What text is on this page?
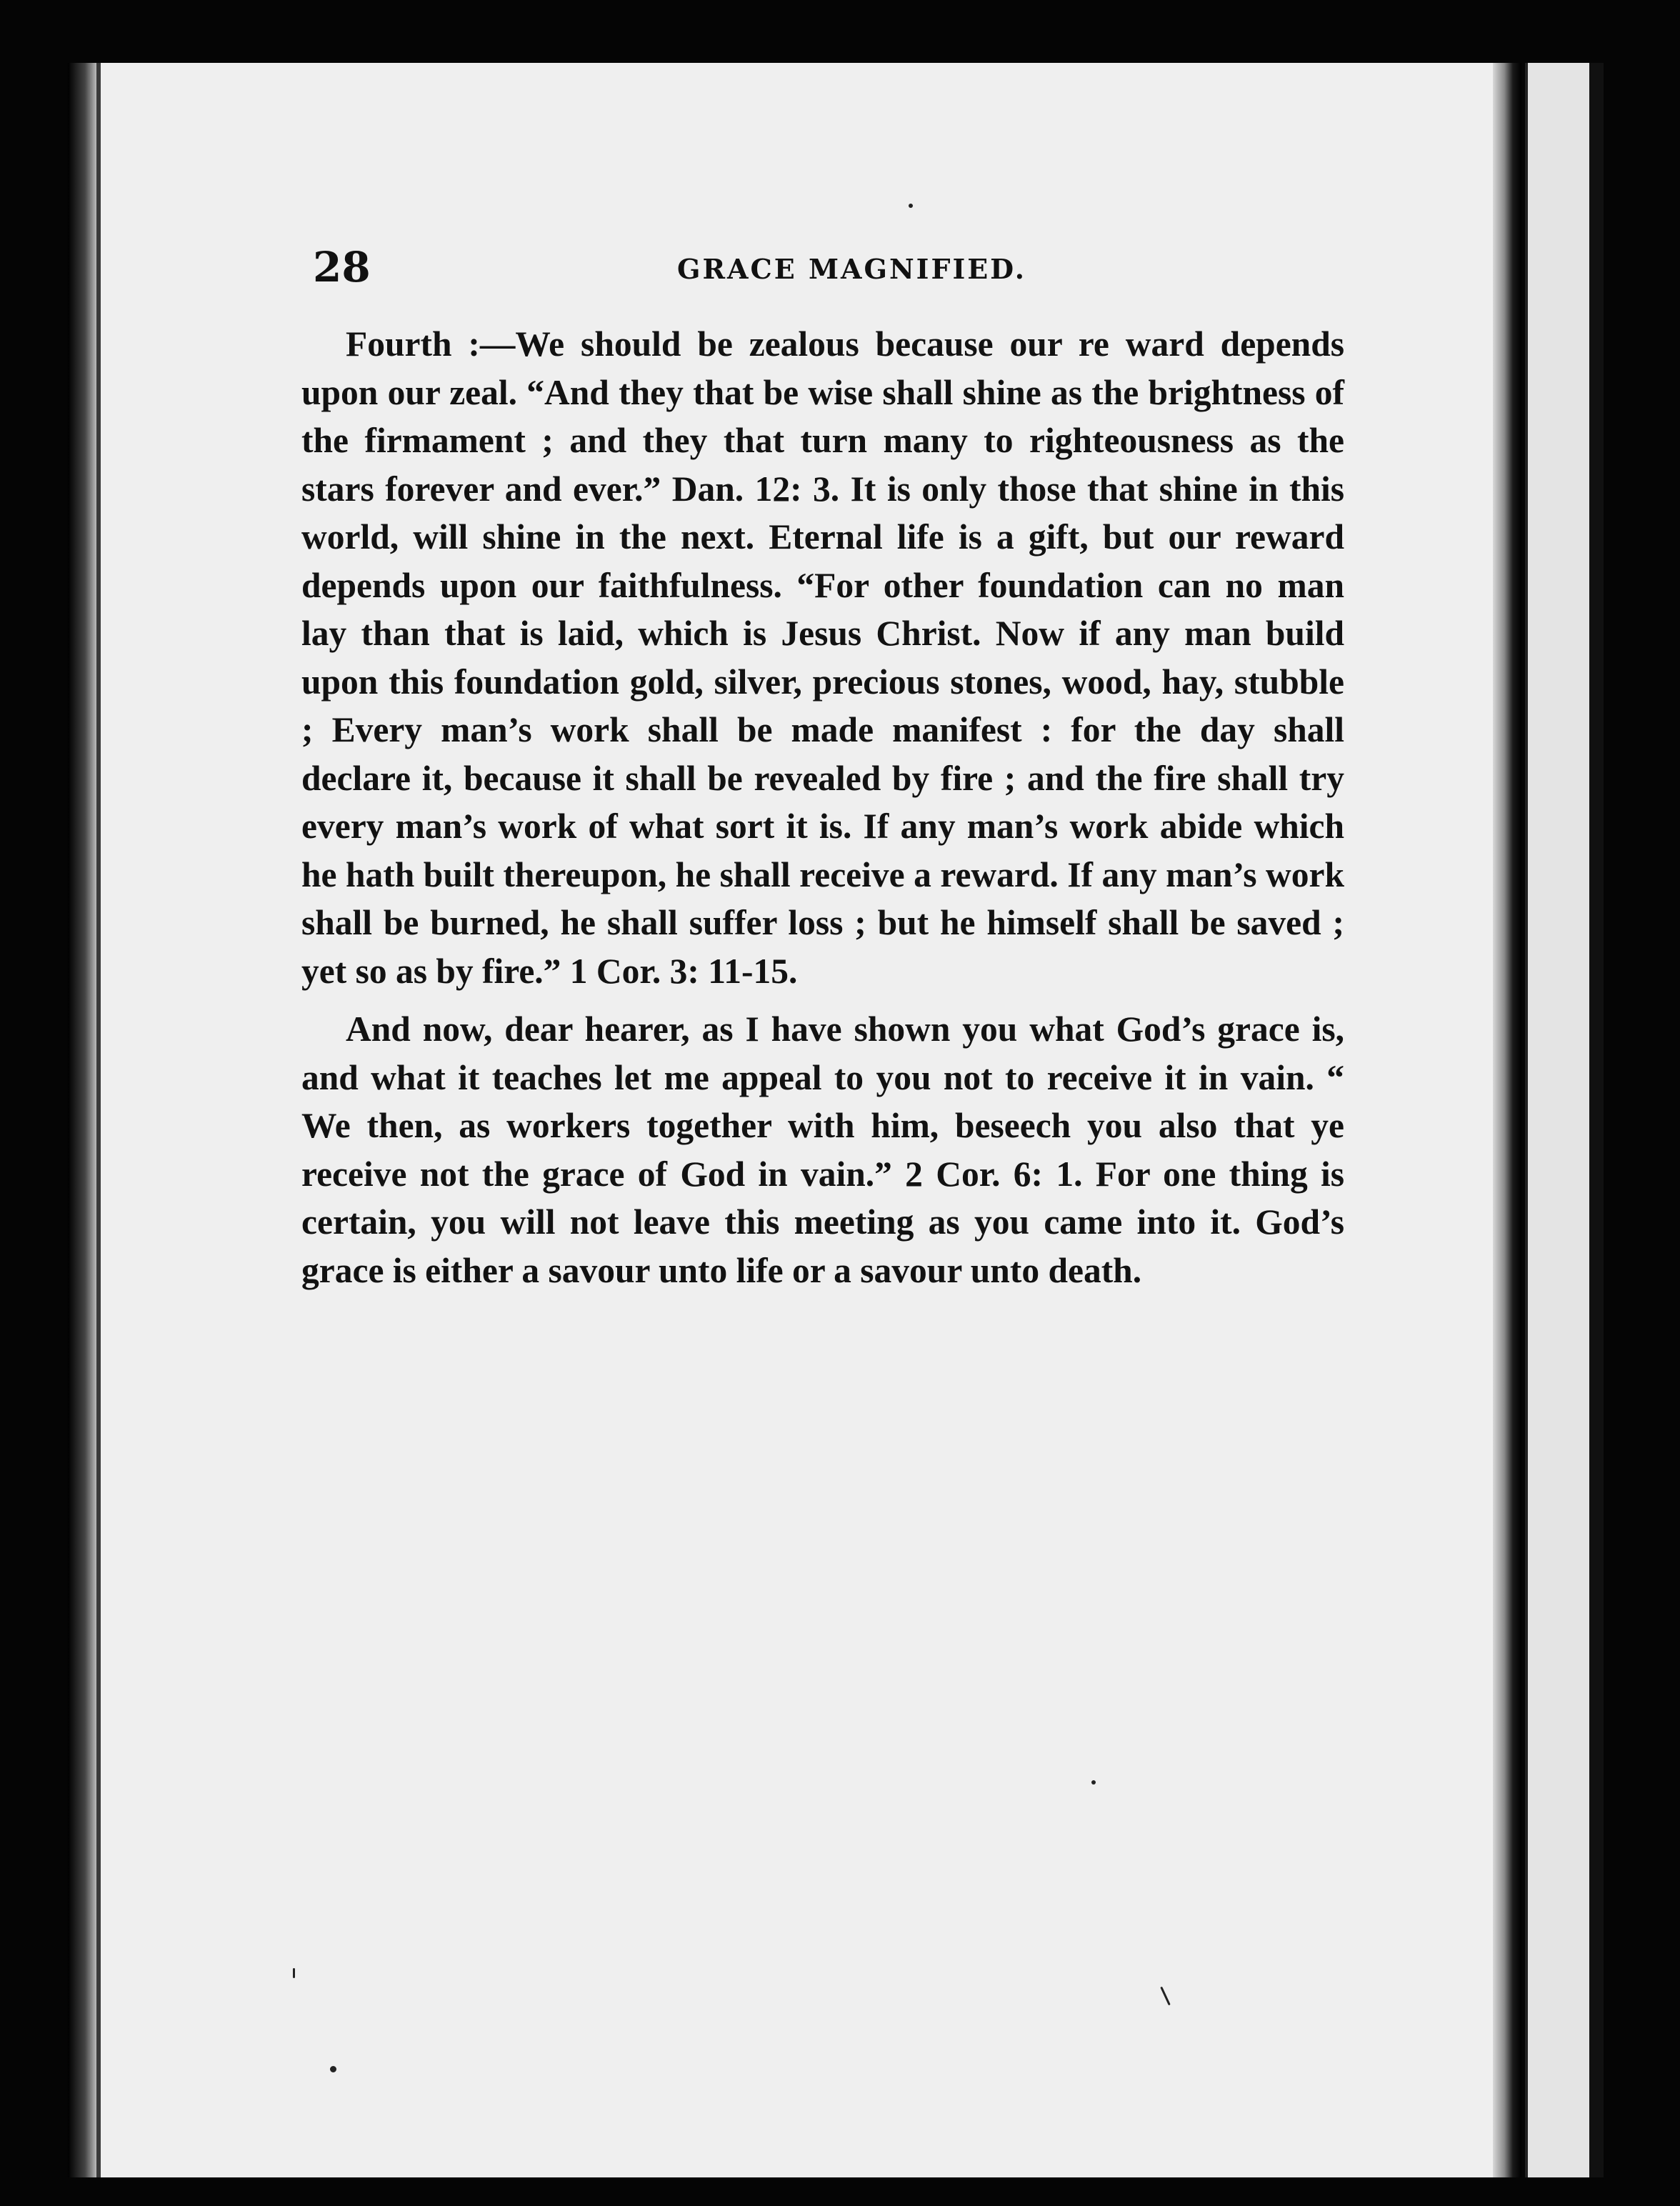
28	GRACE MAGNIFIED.

Fourth :—We should be zealous because our re ward depends upon our zeal. “And they that be wise shall shine as the brightness of the firmament ; and they that turn many to righteousness as the stars forever and ever.” Dan. 12: 3. It is only those that shine in this world, will shine in the next. Eternal life is a gift, but our reward depends upon our faithfulness. “For other foundation can no man lay than that is laid, which is Jesus Christ. Now if any man build upon this foundation gold, silver, precious stones, wood, hay, stubble ; Every man’s work shall be made manifest : for the day shall declare it, because it shall be revealed by fire ; and the fire shall try every man’s work of what sort it is. If any man’s work abide which he hath built thereupon, he shall receive a reward. If any man’s work shall be burned, he shall suffer loss ; but he himself shall be saved ; yet so as by fire.” 1 Cor. 3: 11-15.

And now, dear hearer, as I have shown you what God’s grace is, and what it teaches let me appeal to you not to receive it in vain. “ We then, as workers together with him, beseech you also that ye receive not the grace of God in vain.” 2 Cor. 6: 1. For one thing is certain, you will not leave this meeting as you came into it. God’s grace is either a savour unto life or a savour unto death.
